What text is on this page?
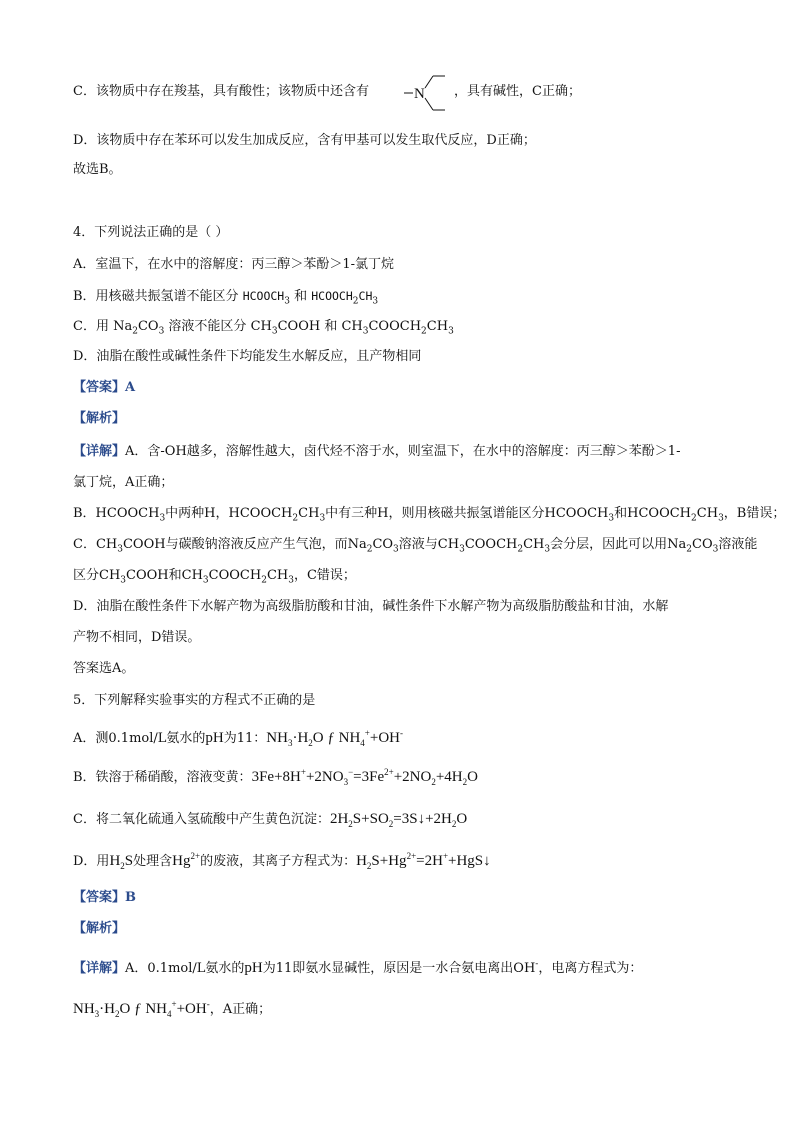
C．该物质中存在羧基，具有酸性；该物质中还含有	N ，具有碱性，C正确；
D．该物质中存在苯环可以发生加成反应，含有甲基可以发生取代反应，D正确；
故选B。
4．下列说法正确的是（ ）
A．室温下，在水中的溶解度：丙三醇＞苯酚＞1-氯丁烷
B．用核磁共振氢谱不能区分 $HCOOCH_3$ 和 $HCOOCH_2CH_3$
C．用 $Na_2CO_3$ 溶液不能区分 $CH_3COOH$ 和 $CH_3COOCH_2CH_3$
D．油脂在酸性或碱性条件下均能发生水解反应，且产物相同
【答案】A
【解析】
【详解】A．含-OH越多，溶解性越大，卤代烃不溶于水，则室温下，在水中的溶解度：丙三醇＞苯酚＞1-
氯丁烷，A正确；
B．$HCOOCH_3$中两种H，$HCOOCH_2CH_3$中有三种H，则用核磁共振氢谱能区分$HCOOCH_3$和$HCOOCH_2CH_3$，B错误；
C．$CH_3COOH$与碳酸钠溶液反应产生气泡，而$Na_2CO_3$溶液与$CH_3COOCH_2CH_3$会分层，因此可以用$Na_2CO_3$溶液能
区分$CH_3COOH$和$CH_3COOCH_2CH_3$，C错误；
D．油脂在酸性条件下水解产物为高级脂肪酸和甘油，碱性条件下水解产物为高级脂肪酸盐和甘油，水解
产物不相同，D错误。
答案选A。
5．下列解释实验事实的方程式不正确的是
A．测0.1mol/L氨水的pH为11：$NH_3\cdot H_2O$ ƒ $NH_4^++OH^-$
B．铁溶于稀硝酸，溶液变黄：$3Fe+8H^++2NO_3^-=3Fe^{2+}+2NO_2+4H_2O$
C．将二氧化硫通入氢硫酸中产生黄色沉淀：$2H_2S+SO_2=3S↓+2H_2O$
D．用$H_2S$处理含$Hg^{2+}$的废液，其离子方程式为：$H_2S+Hg^{2+}=2H^++HgS↓$
【答案】B
【解析】
【详解】A．0.1mol/L氨水的pH为11即氨水显碱性，原因是一水合氨电离出OH-，电离方程式为：
$NH_3\cdot H_2O$ ƒ $NH_4^++OH^-$，A正确；
